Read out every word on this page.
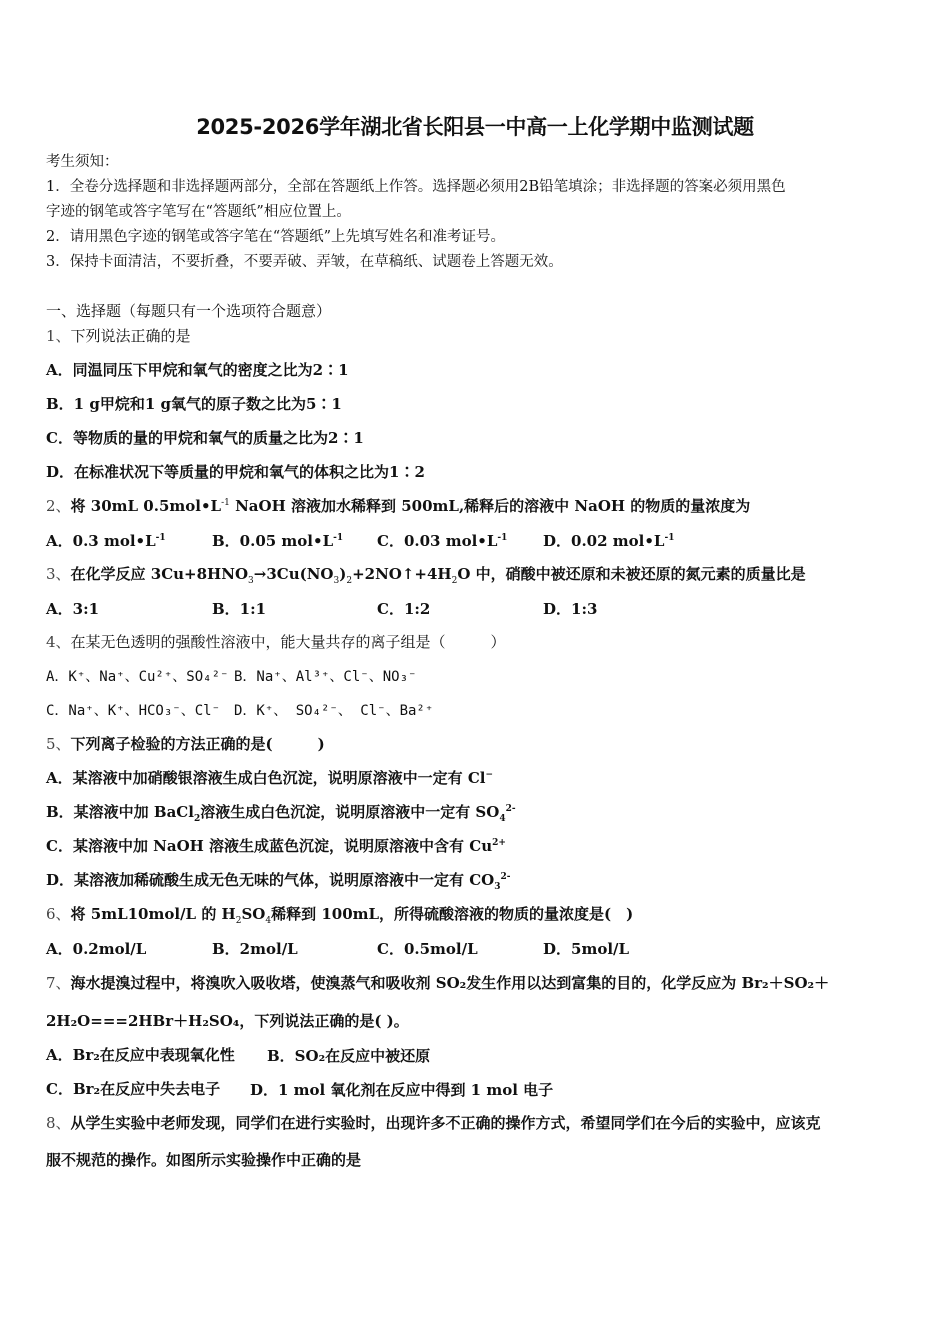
2025-2026学年湖北省长阳县一中高一上化学期中监测试题
考生须知：
1．全卷分选择题和非选择题两部分，全部在答题纸上作答。选择题必须用2B铅笔填涂；非选择题的答案必须用黑色
字迹的钢笔或答字笔写在“答题纸”相应位置上。
2．请用黑色字迹的钢笔或答字笔在“答题纸”上先填写姓名和准考证号。
3．保持卡面清洁，不要折叠，不要弄破、弄皱，在草稿纸、试题卷上答题无效。
一、选择题（每题只有一个选项符合题意）
1、下列说法正确的是
A．同温同压下甲烷和氧气的密度之比为2∶1
B．1 g甲烷和1 g氧气的原子数之比为5∶1
C．等物质的量的甲烷和氧气的质量之比为2∶1
D．在标准状况下等质量的甲烷和氧气的体积之比为1∶2
2、将 30mL $0.5mol•L^{-1}$ NaOH 溶液加水稀释到 500mL,稀释后的溶液中 NaOH 的物质的量浓度为
A．0.3 $mol•L^{-1}$	B．0.05 $mol•L^{-1}$ C．0.03 $mol•L^{-1}$ D．0.02 $mol•L^{-1}$
3、在化学反应 $3Cu+8HNO_3\to 3Cu(NO_3)_2+2NO↑+4H_2O$ 中，硝酸中被还原和未被还原的氮元素的质量比是
A．3:1	B．1:1	C．1:2	D．1:3
4、在某无色透明的强酸性溶液中，能大量共存的离子组是（　　　）
A．K⁺、Na⁺、Cu²⁺、SO₄²⁻ B．Na⁺、Al³⁺、Cl⁻、NO₃⁻
C．Na⁺、K⁺、HCO₃⁻、Cl⁻ D．K⁺、 SO₄²⁻、 Cl⁻、Ba²⁺
5、下列离子检验的方法正确的是(　　　)
A．某溶液中加硝酸银溶液生成白色沉淀，说明原溶液中一定有 Cl−
B．某溶液中加 BaCl$_2$溶液生成白色沉淀，说明原溶液中一定有 $SO_4^{2-}$
C．某溶液中加 NaOH 溶液生成蓝色沉淀，说明原溶液中含有 $Cu^{2+}$
D．某溶液加稀硫酸生成无色无味的气体，说明原溶液中一定有 $CO_3^{2-}$
6、将 5mL10mol/L 的 $H_2SO_4$稀释到 100mL，所得硫酸溶液的物质的量浓度是(　)
A．0.2mol/L	B．2mol/L	C．0.5mol/L	D．5mol/L
7、海水提溴过程中，将溴吹入吸收塔，使溴蒸气和吸收剂 SO₂发生作用以达到富集的目的，化学反应为 Br₂＋SO₂＋
2H₂O===2HBr＋H₂SO₄，下列说法正确的是( )。
A．Br₂在反应中表现氧化性 B．SO₂在反应中被还原
C．Br₂在反应中失去电子 D．1 mol 氧化剂在反应中得到 1 mol 电子
8、从学生实验中老师发现，同学们在进行实验时，出现许多不正确的操作方式，希望同学们在今后的实验中，应该克
服不规范的操作。如图所示实验操作中正确的是
